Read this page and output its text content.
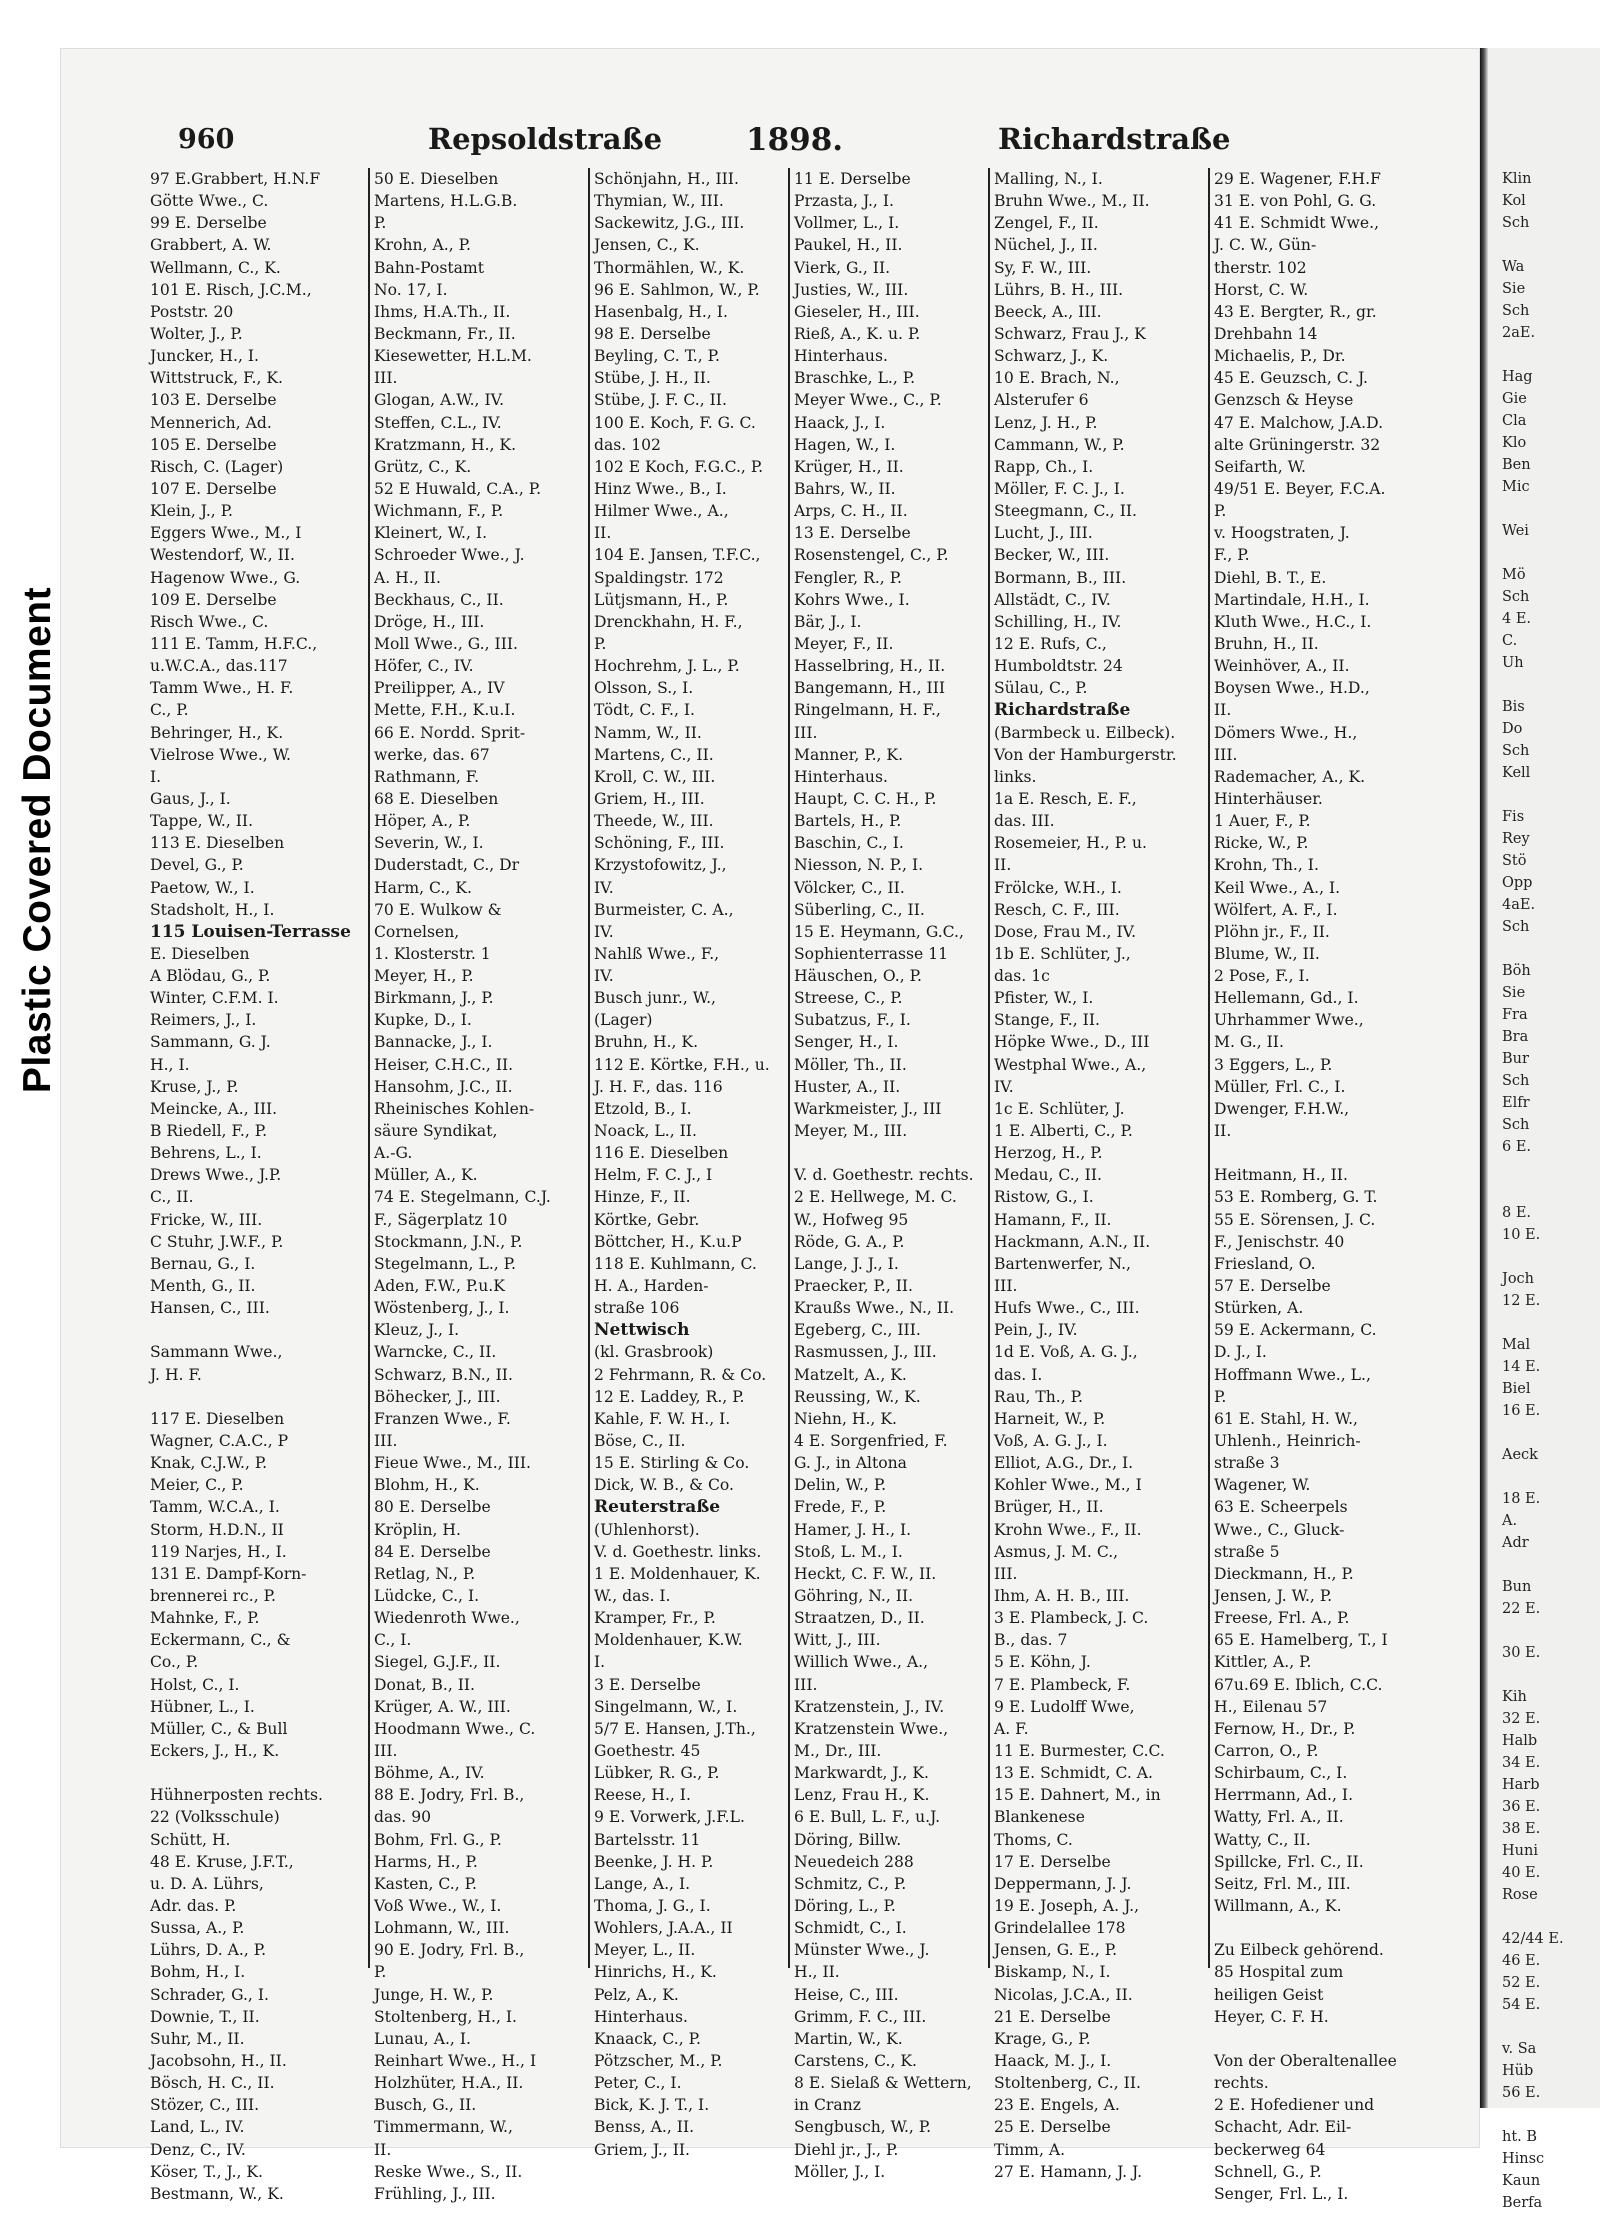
Plastic Covered Document
Klin
Kol
Sch

Wa
Sie
Sch
2aE.

Hag
Gie
Cla
Klo
Ben
Mic

Wei

Mö
Sch
4 E.
C.
Uh

Bis
Do
Sch
Kell

Fis
Rey
Stö
Opp
4aE.
Sch

Böh
Sie
Fra
Bra
Bur
Sch
Elfr
Sch
6 E.

8 E.
10 E.

Joch
12 E.

Mal
14 E.
Biel
16 E.

Aeck

18 E.
A.
Adr

Bun
22 E.

30 E.

Kih
32 E.
Halb
34 E.
Harb
36 E.
38 E.
Huni
40 E.
Rose

42/44 E.
46 E.
52 E.
54 E.

v. Sa
Hüb
56 E.

ht. B
Hinsc
Kaun
Berfa
960	Repsoldstraße	1898.	Richardstraße
97 E.Grabbert, H.N.F
Götte Wwe., C.
99 E. Derselbe
Grabbert, A. W.
Wellmann, C., K.
101 E. Risch, J.C.M.,
Poststr. 20
Wolter, J., P.
Juncker, H., I.
Wittstruck, F., K.
103 E. Derselbe
Mennerich, Ad.
105 E. Derselbe
Risch, C. (Lager)
107 E. Derselbe
Klein, J., P.
Eggers Wwe., M., I
Westendorf, W., II.
Hagenow Wwe., G.
109 E. Derselbe
Risch Wwe., C.
111 E. Tamm, H.F.C.,
u.W.C.A., das.117
Tamm Wwe., H. F.
C., P.
Behringer, H., K.
Vielrose Wwe., W.
I.
Gaus, J., I.
Tappe, W., II.
113 E. Dieselben
Devel, G., P.
Paetow, W., I.
Stadsholt, H., I.
115 Louisen-Terrasse
E. Dieselben
A Blödau, G., P.
Winter, C.F.M. I.
Reimers, J., I.
Sammann, G. J.
H., I.
Kruse, J., P.
Meincke, A., III.
B Riedell, F., P.
Behrens, L., I.
Drews Wwe., J.P.
C., II.
Fricke, W., III.
C Stuhr, J.W.F., P.
Bernau, G., I.
Menth, G., II.
Hansen, C., III.

Sammann Wwe.,
J. H. F.

117 E. Dieselben
Wagner, C.A.C., P
Knak, C.J.W., P.
Meier, C., P.
Tamm, W.C.A., I.
Storm, H.D.N., II
119 Narjes, H., I.
131 E. Dampf-Korn-
brennerei rc., P.
Mahnke, F., P.
Eckermann, C., &
Co., P.
Holst, C., I.
Hübner, L., I.
Müller, C., & Bull
Eckers, J., H., K.

Hühnerposten rechts.
22 (Volksschule)
Schütt, H.
48 E. Kruse, J.F.T.,
u. D. A. Lührs,
Adr. das. P.
Sussa, A., P.
Lührs, D. A., P.
Bohm, H., I.
Schrader, G., I.
Downie, T., II.
Suhr, M., II.
Jacobsohn, H., II.
Bösch, H. C., II.
Stözer, C., III.
Land, L., IV.
Denz, C., IV.
Köser, T., J., K.
Bestmann, W., K.
50 E. Dieselben
Martens, H.L.G.B.
P.
Krohn, A., P.
Bahn-Postamt
No. 17, I.
Ihms, H.A.Th., II.
Beckmann, Fr., II.
Kiesewetter, H.L.M.
III.
Glogan, A.W., IV.
Steffen, C.L., IV.
Kratzmann, H., K.
Grütz, C., K.
52 E Huwald, C.A., P.
Wichmann, F., P.
Kleinert, W., I.
Schroeder Wwe., J.
A. H., II.
Beckhaus, C., II.
Dröge, H., III.
Moll Wwe., G., III.
Höfer, C., IV.
Preilipper, A., IV
Mette, F.H., K.u.I.
66 E. Nordd. Sprit-
werke, das. 67
Rathmann, F.
68 E. Dieselben
Höper, A., P.
Severin, W., I.
Duderstadt, C., Dr
Harm, C., K.
70 E. Wulkow &
Cornelsen,
1. Klosterstr. 1
Meyer, H., P.
Birkmann, J., P.
Kupke, D., I.
Bannacke, J., I.
Heiser, C.H.C., II.
Hansohm, J.C., II.
Rheinisches Kohlen-
säure Syndikat,
A.-G.
Müller, A., K.
74 E. Stegelmann, C.J.
F., Sägerplatz 10
Stockmann, J.N., P.
Stegelmann, L., P.
Aden, F.W., P.u.K
Wöstenberg, J., I.
Kleuz, J., I.
Warncke, C., II.
Schwarz, B.N., II.
Böhecker, J., III.
Franzen Wwe., F.
III.
Fieue Wwe., M., III.
Blohm, H., K.
80 E. Derselbe
Kröplin, H.
84 E. Derselbe
Retlag, N., P.
Lüdcke, C., I.
Wiedenroth Wwe.,
C., I.
Siegel, G.J.F., II.
Donat, B., II.
Krüger, A. W., III.
Hoodmann Wwe., C.
III.
Böhme, A., IV.
88 E. Jodry, Frl. B.,
das. 90
Bohm, Frl. G., P.
Harms, H., P.
Kasten, C., P.
Voß Wwe., W., I.
Lohmann, W., III.
90 E. Jodry, Frl. B.,
P.
Junge, H. W., P.
Stoltenberg, H., I.
Lunau, A., I.
Reinhart Wwe., H., I
Holzhüter, H.A., II.
Busch, G., II.
Timmermann, W.,
II.
Reske Wwe., S., II.
Frühling, J., III.
Schönjahn, H., III.
Thymian, W., III.
Sackewitz, J.G., III.
Jensen, C., K.
Thormählen, W., K.
96 E. Sahlmon, W., P.
Hasenbalg, H., I.
98 E. Derselbe
Beyling, C. T., P.
Stübe, J. H., II.
Stübe, J. F. C., II.
100 E. Koch, F. G. C.
das. 102
102 E Koch, F.G.C., P.
Hinz Wwe., B., I.
Hilmer Wwe., A.,
II.
104 E. Jansen, T.F.C.,
Spaldingstr. 172
Lütjsmann, H., P.
Drenckhahn, H. F.,
P.
Hochrehm, J. L., P.
Olsson, S., I.
Tödt, C. F., I.
Namm, W., II.
Martens, C., II.
Kroll, C. W., III.
Griem, H., III.
Theede, W., III.
Schöning, F., III.
Krzystofowitz, J.,
IV.
Burmeister, C. A.,
IV.
Nahlß Wwe., F.,
IV.
Busch junr., W.,
(Lager)
Bruhn, H., K.
112 E. Körtke, F.H., u.
J. H. F., das. 116
Etzold, B., I.
Noack, L., II.
116 E. Dieselben
Helm, F. C. J., I
Hinze, F., II.
Körtke, Gebr.
Böttcher, H., K.u.P
118 E. Kuhlmann, C.
H. A., Harden-
straße 106
Nettwisch
(kl. Grasbrook)
2 Fehrmann, R. & Co.
12 E. Laddey, R., P.
Kahle, F. W. H., I.
Böse, C., II.
15 E. Stirling & Co.
Dick, W. B., & Co.
Reuterstraße
(Uhlenhorst).
V. d. Goethestr. links.
1 E. Moldenhauer, K.
W., das. I.
Kramper, Fr., P.
Moldenhauer, K.W.
I.
3 E. Derselbe
Singelmann, W., I.
5/7 E. Hansen, J.Th.,
Goethestr. 45
Lübker, R. G., P.
Reese, H., I.
9 E. Vorwerk, J.F.L.
Bartelsstr. 11
Beenke, J. H. P.
Lange, A., I.
Thoma, J. G., I.
Wohlers, J.A.A., II
Meyer, L., II.
Hinrichs, H., K.
Pelz, A., K.
Hinterhaus.
Knaack, C., P.
Pötzscher, M., P.
Peter, C., I.
Bick, K. J. T., I.
Benss, A., II.
Griem, J., II.
11 E. Derselbe
Przasta, J., I.
Vollmer, L., I.
Paukel, H., II.
Vierk, G., II.
Justies, W., III.
Gieseler, H., III.
Rieß, A., K. u. P.
Hinterhaus.
Braschke, L., P.
Meyer Wwe., C., P.
Haack, J., I.
Hagen, W., I.
Krüger, H., II.
Bahrs, W., II.
Arps, C. H., II.
13 E. Derselbe
Rosenstengel, C., P.
Fengler, R., P.
Kohrs Wwe., I.
Bär, J., I.
Meyer, F., II.
Hasselbring, H., II.
Bangemann, H., III
Ringelmann, H. F.,
III.
Manner, P., K.
Hinterhaus.
Haupt, C. C. H., P.
Bartels, H., P.
Baschin, C., I.
Niesson, N. P., I.
Völcker, C., II.
Süberling, C., II.
15 E. Heymann, G.C.,
Sophienterrasse 11
Häuschen, O., P.
Streese, C., P.
Subatzus, F., I.
Senger, H., I.
Möller, Th., II.
Huster, A., II.
Warkmeister, J., III
Meyer, M., III.

V. d. Goethestr. rechts.
2 E. Hellwege, M. C.
W., Hofweg 95
Röde, G. A., P.
Lange, J. J., I.
Praecker, P., II.
Kraußs Wwe., N., II.
Egeberg, C., III.
Rasmussen, J., III.
Matzelt, A., K.
Reussing, W., K.
Niehn, H., K.
4 E. Sorgenfried, F.
G. J., in Altona
Delin, W., P.
Frede, F., P.
Hamer, J. H., I.
Stoß, L. M., I.
Heckt, C. F. W., II.
Göhring, N., II.
Straatzen, D., II.
Witt, J., III.
Willich Wwe., A.,
III.
Kratzenstein, J., IV.
Kratzenstein Wwe.,
M., Dr., III.
Markwardt, J., K.
Lenz, Frau H., K.
6 E. Bull, L. F., u.J.
Döring, Billw.
Neuedeich 288
Schmitz, C., P.
Döring, L., P.
Schmidt, C., I.
Münster Wwe., J.
H., II.
Heise, C., III.
Grimm, F. C., III.
Martin, W., K.
Carstens, C., K.
8 E. Sielaß & Wettern,
in Cranz
Sengbusch, W., P.
Diehl jr., J., P.
Möller, J., I.
Malling, N., I.
Bruhn Wwe., M., II.
Zengel, F., II.
Nüchel, J., II.
Sy, F. W., III.
Lührs, B. H., III.
Beeck, A., III.
Schwarz, Frau J., K
Schwarz, J., K.
10 E. Brach, N.,
Alsterufer 6
Lenz, J. H., P.
Cammann, W., P.
Rapp, Ch., I.
Möller, F. C. J., I.
Steegmann, C., II.
Lucht, J., III.
Becker, W., III.
Bormann, B., III.
Allstädt, C., IV.
Schilling, H., IV.
12 E. Rufs, C.,
Humboldtstr. 24
Sülau, C., P.
Richardstraße
(Barmbeck u. Eilbeck).
Von der Hamburgerstr.
links.
1a E. Resch, E. F.,
das. III.
Rosemeier, H., P. u.
II.
Frölcke, W.H., I.
Resch, C. F., III.
Dose, Frau M., IV.
1b E. Schlüter, J.,
das. 1c
Pfister, W., I.
Stange, F., II.
Höpke Wwe., D., III
Westphal Wwe., A.,
IV.
1c E. Schlüter, J.
1 E. Alberti, C., P.
Herzog, H., P.
Medau, C., II.
Ristow, G., I.
Hamann, F., II.
Hackmann, A.N., II.
Bartenwerfer, N.,
III.
Hufs Wwe., C., III.
Pein, J., IV.
1d E. Voß, A. G. J.,
das. I.
Rau, Th., P.
Harneit, W., P.
Voß, A. G. J., I.
Elliot, A.G., Dr., I.
Kohler Wwe., M., I
Brüger, H., II.
Krohn Wwe., F., II.
Asmus, J. M. C.,
III.
Ihm, A. H. B., III.
3 E. Plambeck, J. C.
B., das. 7
5 E. Köhn, J.
7 E. Plambeck, F.
9 E. Ludolff Wwe,
A. F.
11 E. Burmester, C.C.
13 E. Schmidt, C. A.
15 E. Dahnert, M., in
Blankenese
Thoms, C.
17 E. Derselbe
Deppermann, J. J.
19 E. Joseph, A. J.,
Grindelallee 178
Jensen, G. E., P.
Biskamp, N., I.
Nicolas, J.C.A., II.
21 E. Derselbe
Krage, G., P.
Haack, M. J., I.
Stoltenberg, C., II.
23 E. Engels, A.
25 E. Derselbe
Timm, A.
27 E. Hamann, J. J.
29 E. Wagener, F.H.F
31 E. von Pohl, G. G.
41 E. Schmidt Wwe.,
J. C. W., Gün-
therstr. 102
Horst, C. W.
43 E. Bergter, R., gr.
Drehbahn 14
Michaelis, P., Dr.
45 E. Geuzsch, C. J.
Genzsch & Heyse
47 E. Malchow, J.A.D.
alte Grüningerstr. 32
Seifarth, W.
49/51 E. Beyer, F.C.A.
P.
v. Hoogstraten, J.
F., P.
Diehl, B. T., E.
Martindale, H.H., I.
Kluth Wwe., H.C., I.
Bruhn, H., II.
Weinhöver, A., II.
Boysen Wwe., H.D.,
II.
Dömers Wwe., H.,
III.
Rademacher, A., K.
Hinterhäuser.
1 Auer, F., P.
Ricke, W., P.
Krohn, Th., I.
Keil Wwe., A., I.
Wölfert, A. F., I.
Plöhn jr., F., II.
Blume, W., II.
2 Pose, F., I.
Hellemann, Gd., I.
Uhrhammer Wwe.,
M. G., II.
3 Eggers, L., P.
Müller, Frl. C., I.
Dwenger, F.H.W.,
II.

Heitmann, H., II.
53 E. Romberg, G. T.
55 E. Sörensen, J. C.
F., Jenischstr. 40
Friesland, O.
57 E. Derselbe
Stürken, A.
59 E. Ackermann, C.
D. J., I.
Hoffmann Wwe., L.,
P.
61 E. Stahl, H. W.,
Uhlenh., Heinrich-
straße 3
Wagener, W.
63 E. Scheerpels
Wwe., C., Gluck-
straße 5
Dieckmann, H., P.
Jensen, J. W., P.
Freese, Frl. A., P.
65 E. Hamelberg, T., I
Kittler, A., P.
67u.69 E. Iblich, C.C.
H., Eilenau 57
Fernow, H., Dr., P.
Carron, O., P.
Schirbaum, C., I.
Herrmann, Ad., I.
Watty, Frl. A., II.
Watty, C., II.
Spillcke, Frl. C., II.
Seitz, Frl. M., III.
Willmann, A., K.

Zu Eilbeck gehörend.
85 Hospital zum
heiligen Geist
Heyer, C. F. H.

Von der Oberaltenallee
rechts.
2 E. Hofediener und
Schacht, Adr. Eil-
beckerweg 64
Schnell, G., P.
Senger, Frl. L., I.
